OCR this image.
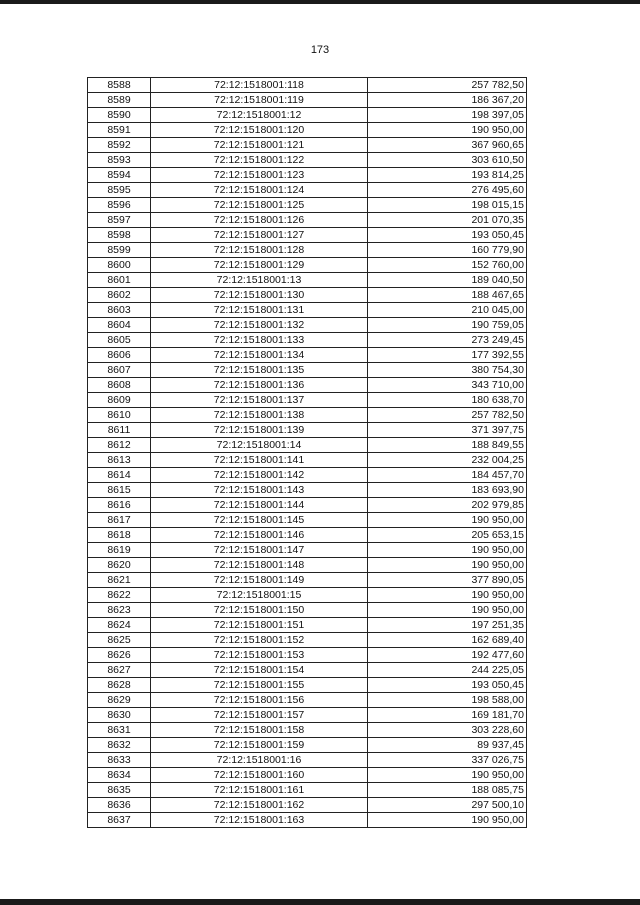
173
8588	72:12:1518001:118	257 782,50
8589	72:12:1518001:119	186 367,20
8590	72:12:1518001:12	198 397,05
8591	72:12:1518001:120	190 950,00
8592	72:12:1518001:121	367 960,65
8593	72:12:1518001:122	303 610,50
8594	72:12:1518001:123	193 814,25
8595	72:12:1518001:124	276 495,60
8596	72:12:1518001:125	198 015,15
8597	72:12:1518001:126	201 070,35
8598	72:12:1518001:127	193 050,45
8599	72:12:1518001:128	160 779,90
8600	72:12:1518001:129	152 760,00
8601	72:12:1518001:13	189 040,50
8602	72:12:1518001:130	188 467,65
8603	72:12:1518001:131	210 045,00
8604	72:12:1518001:132	190 759,05
8605	72:12:1518001:133	273 249,45
8606	72:12:1518001:134	177 392,55
8607	72:12:1518001:135	380 754,30
8608	72:12:1518001:136	343 710,00
8609	72:12:1518001:137	180 638,70
8610	72:12:1518001:138	257 782,50
8611	72:12:1518001:139	371 397,75
8612	72:12:1518001:14	188 849,55
8613	72:12:1518001:141	232 004,25
8614	72:12:1518001:142	184 457,70
8615	72:12:1518001:143	183 693,90
8616	72:12:1518001:144	202 979,85
8617	72:12:1518001:145	190 950,00
8618	72:12:1518001:146	205 653,15
8619	72:12:1518001:147	190 950,00
8620	72:12:1518001:148	190 950,00
8621	72:12:1518001:149	377 890,05
8622	72:12:1518001:15	190 950,00
8623	72:12:1518001:150	190 950,00
8624	72:12:1518001:151	197 251,35
8625	72:12:1518001:152	162 689,40
8626	72:12:1518001:153	192 477,60
8627	72:12:1518001:154	244 225,05
8628	72:12:1518001:155	193 050,45
8629	72:12:1518001:156	198 588,00
8630	72:12:1518001:157	169 181,70
8631	72:12:1518001:158	303 228,60
8632	72:12:1518001:159	89 937,45
8633	72:12:1518001:16	337 026,75
8634	72:12:1518001:160	190 950,00
8635	72:12:1518001:161	188 085,75
8636	72:12:1518001:162	297 500,10
8637	72:12:1518001:163	190 950,00
